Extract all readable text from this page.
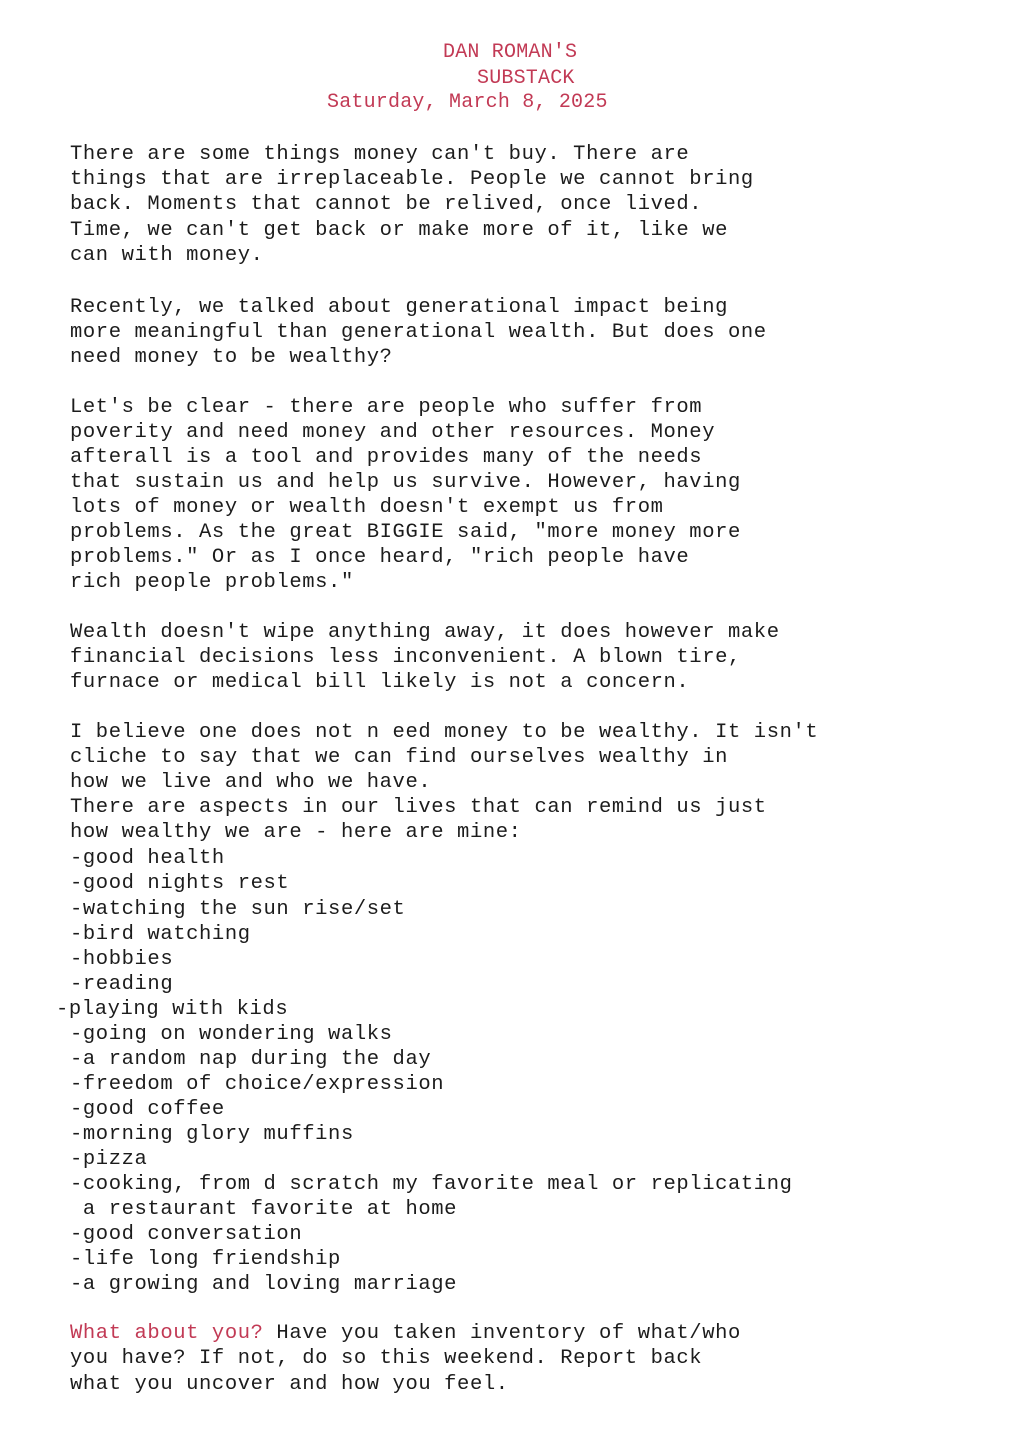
DAN ROMAN'S
SUBSTACK
Saturday, March 8, 2025
There are some things money can't buy. There are
things that are irreplaceable. People we cannot bring
back. Moments that cannot be relived, once lived.
Time, we can't get back or make more of it, like we
can with money.
Recently, we talked about generational impact being
more meaningful than generational wealth. But does one
need money to be wealthy?
Let's be clear - there are people who suffer from
poverity and need money and other resources. Money
afterall is a tool and provides many of the needs
that sustain us and help us survive. However, having
lots of money or wealth doesn't exempt us from
problems. As the great BIGGIE said, "more money more
problems." Or as I once heard, "rich people have
rich people problems."
Wealth doesn't wipe anything away, it does however make
financial decisions less inconvenient. A blown tire,
furnace or medical bill likely is not a concern.
I believe one does not n eed money to be wealthy. It isn't
cliche to say that we can find ourselves wealthy in
how we live and who we have.
There are aspects in our lives that can remind us just
how wealthy we are - here are mine:
-good health
-good nights rest
-watching the sun rise/set
-bird watching
-hobbies
-reading
-playing with kids
-going on wondering walks
-a random nap during the day
-freedom of choice/expression
-good coffee
-morning glory muffins
-pizza
-cooking, from d scratch my favorite meal or replicating
a restaurant favorite at home
-good conversation
-life long friendship
-a growing and loving marriage
What about you? Have you taken inventory of what/who
you have? If not, do so this weekend. Report back
what you uncover and how you feel.
